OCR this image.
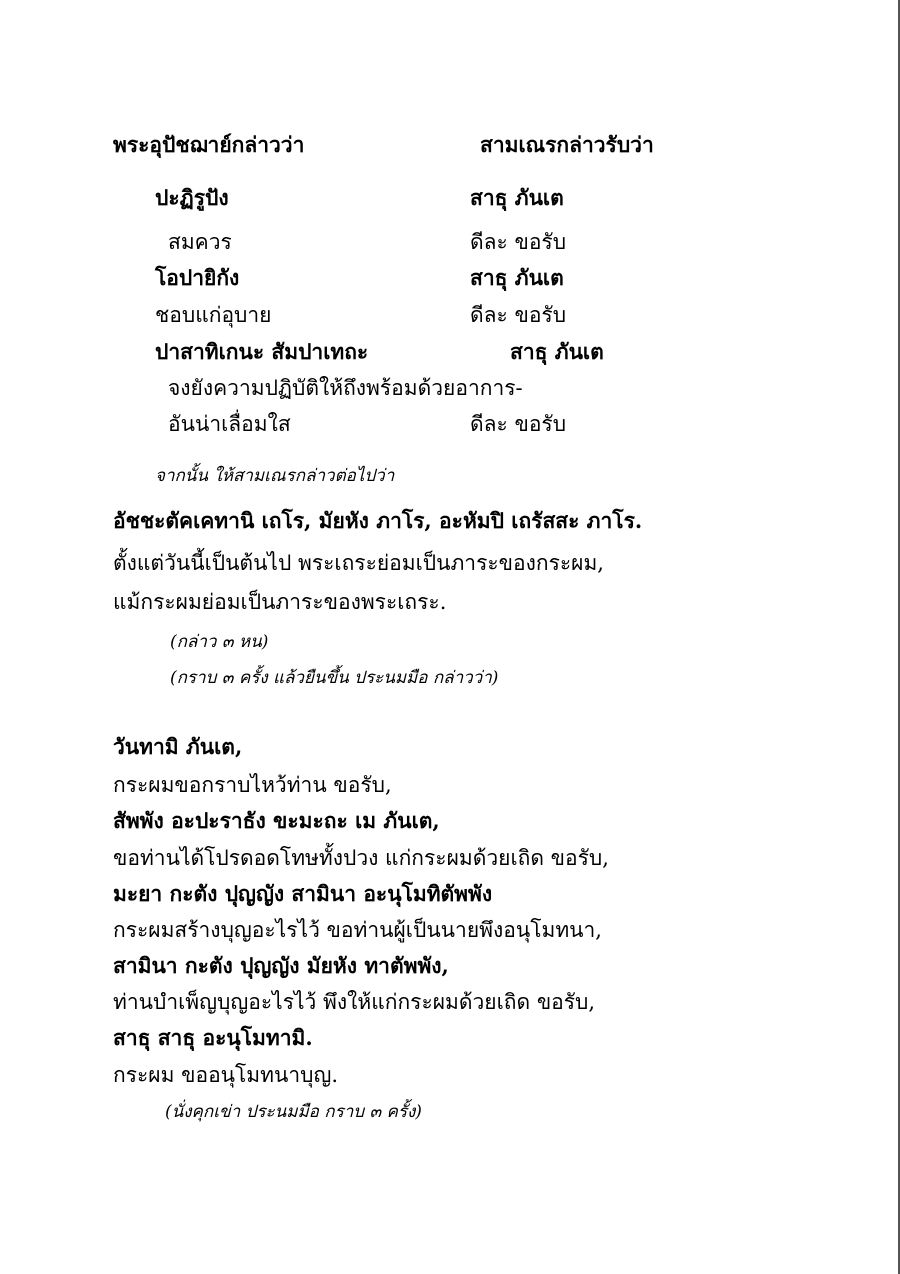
พระอุปัชฌาย์กล่าวว่า	สามเณรกล่าวรับว่า
ปะฏิรูปัง	สาธุ ภันเต
สมควร	ดีละ ขอรับ
โอปายิกัง	สาธุ ภันเต
ชอบแก่อุบาย	ดีละ ขอรับ
ปาสาทิเกนะ สัมปาเทถะ	สาธุ ภันเต
จงยังความปฏิบัติให้ถึงพร้อมด้วยอาการ-
อันน่าเลื่อมใส	ดีละ ขอรับ
จากนั้น ให้สามเณรกล่าวต่อไปว่า
อัชชะตัคเคทานิ เถโร, มัยหัง ภาโร, อะหัมปิ เถรัสสะ ภาโร.
ตั้งแต่วันนี้เป็นต้นไป พระเถระย่อมเป็นภาระของกระผม,
แม้กระผมย่อมเป็นภาระของพระเถระ.
(กล่าว ๓ หน)
(กราบ ๓ ครั้ง แล้วยืนขึ้น ประนมมือ กล่าวว่า)
วันทามิ ภันเต,
กระผมขอกราบไหว้ท่าน ขอรับ,
สัพพัง อะปะราธัง ขะมะถะ เม ภันเต,
ขอท่านได้โปรดอดโทษทั้งปวง แก่กระผมด้วยเถิด ขอรับ,
มะยา กะตัง ปุญญัง สามินา อะนุโมทิตัพพัง
กระผมสร้างบุญอะไรไว้ ขอท่านผู้เป็นนายพึงอนุโมทนา,
สามินา กะตัง ปุญญัง มัยหัง ทาตัพพัง,
ท่านบำเพ็ญบุญอะไรไว้ พึงให้แก่กระผมด้วยเถิด ขอรับ,
สาธุ สาธุ อะนุโมทามิ.
กระผม ขออนุโมทนาบุญ.
(นั่งคุกเข่า ประนมมือ กราบ ๓ ครั้ง)
